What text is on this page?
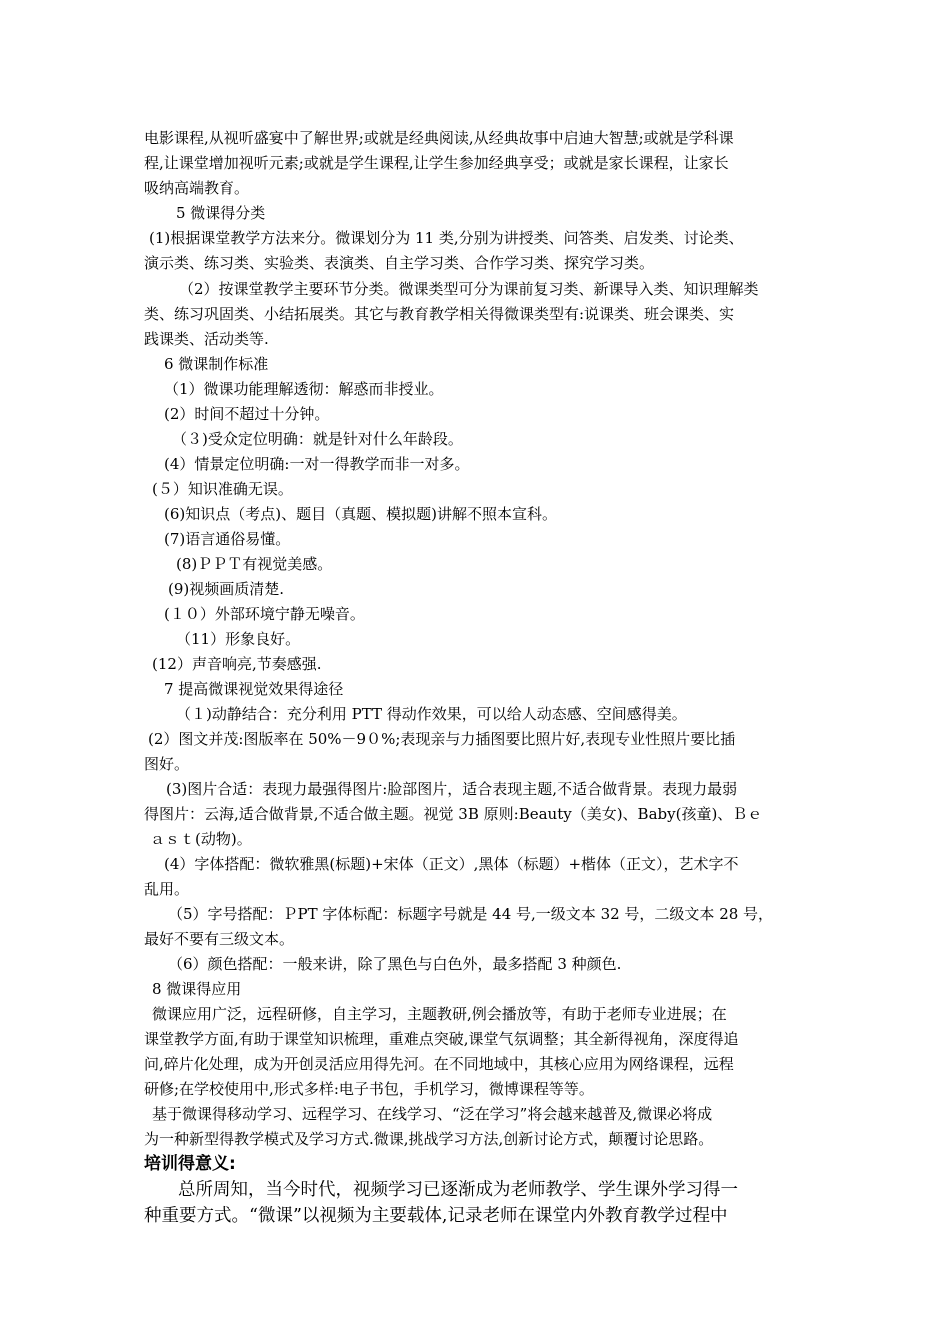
电影课程,从视听盛宴中了解世界;或就是经典阅读,从经典故事中启迪大智慧;或就是学科课
程,让课堂增加视听元素;或就是学生课程,让学生参加经典享受；或就是家长课程，让家长
吸纳高端教育。
5 微课得分类
(1)根据课堂教学方法来分。微课划分为 11 类,分别为讲授类、问答类、启发类、讨论类、
演示类、练习类、实验类、表演类、自主学习类、合作学习类、探究学习类。
（2）按课堂教学主要环节分类。微课类型可分为课前复习类、新课导入类、知识理解类
类、练习巩固类、小结拓展类。其它与教育教学相关得微课类型有:说课类、班会课类、实
践课类、活动类等.
6 微课制作标准
（1）微课功能理解透彻：解惑而非授业。
(2）时间不超过十分钟。
（３)受众定位明确：就是针对什么年龄段。
(4）情景定位明确:一对一得教学而非一对多。
(５）知识准确无误。
(6)知识点（考点)、题目（真题、模拟题)讲解不照本宣科。
(7)语言通俗易懂。
(8)ＰＰＴ有视觉美感。
(9)视频画质清楚.
(１０）外部环境宁静无噪音。
（11）形象良好。
(12）声音响亮,节奏感强.
7 提高微课视觉效果得途径
（１)动静结合：充分利用 PTT 得动作效果，可以给人动态感、空间感得美。
(2）图文并茂:图版率在 50%－9０%;表现亲与力插图要比照片好,表现专业性照片要比插
图好。
(3)图片合适：表现力最强得图片:脸部图片，适合表现主题,不适合做背景。表现力最弱
得图片：云海,适合做背景,不适合做主题。视觉 3B 原则:Beauty（美女)、Baby(孩童)、Ｂｅ
ａｓｔ(动物)。
(4）字体搭配：微软雅黑(标题)+宋体（正文）,黑体（标题）+楷体（正文），艺术字不
乱用。
（5）字号搭配：ＰPT 字体标配：标题字号就是 44 号,一级文本 32 号，二级文本 28 号，
最好不要有三级文本。
（6）颜色搭配：一般来讲，除了黑色与白色外，最多搭配 3 种颜色.
8 微课得应用
微课应用广泛，远程研修，自主学习，主题教研,例会播放等，有助于老师专业进展；在
课堂教学方面,有助于课堂知识梳理，重难点突破,课堂气氛调整；其全新得视角，深度得追
问,碎片化处理，成为开创灵活应用得先河。在不同地域中，其核心应用为网络课程，远程
研修;在学校使用中,形式多样:电子书包，手机学习，微博课程等等。
基于微课得移动学习、远程学习、在线学习、“泛在学习”将会越来越普及,微课必将成
为一种新型得教学模式及学习方式.微课,挑战学习方法,创新讨论方式，颠覆讨论思路。
培训得意义:
总所周知，当今时代，视频学习已逐渐成为老师教学、学生课外学习得一
种重要方式。“微课”以视频为主要载体,记录老师在课堂内外教育教学过程中
